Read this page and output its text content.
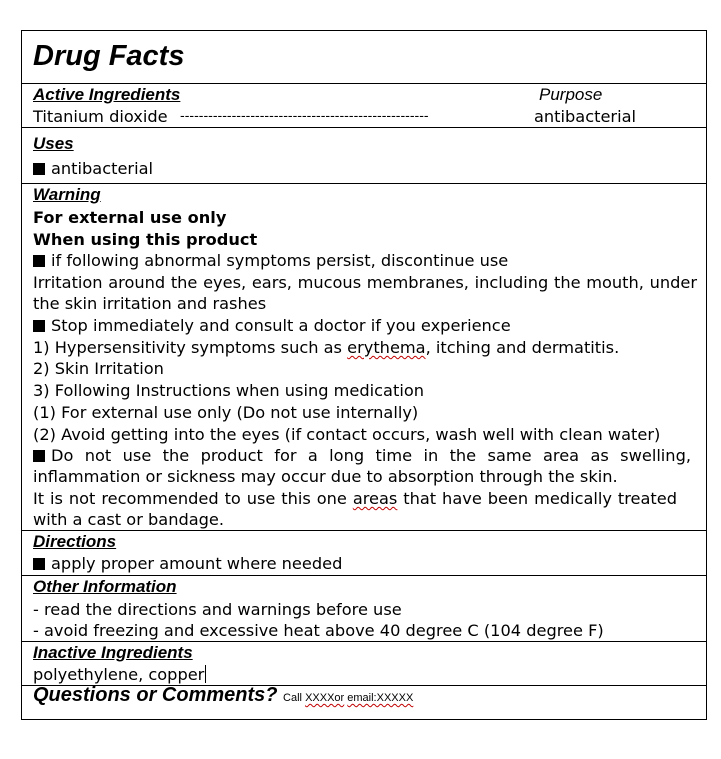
Drug Facts
Active Ingredients	Purpose
Titanium dioxide -----------------------------------------------------	antibacterial
Uses
antibacterial
Warning
For external use only
When using this product
if following abnormal symptoms persist, discontinue use
Irritation around the eyes, ears, mucous membranes, including the mouth, under the skin irritation and rashes
Stop immediately and consult a doctor if you experience
1) Hypersensitivity symptoms such as erythema, itching and dermatitis.
2) Skin Irritation
3) Following Instructions when using medication
(1) For external use only (Do not use internally)
(2) Avoid getting into the eyes (if contact occurs, wash well with clean water)
Do not use the product for a long time in the same area as swelling, inflammation or sickness may occur due to absorption through the skin.
It is not recommended to use this one areas that have been medically treated with a cast or bandage.
Directions
apply proper amount where needed
Other Information
- read the directions and warnings before use
- avoid freezing and excessive heat above 40 degree C (104 degree F)
Inactive Ingredients
polyethylene, copper
Questions or Comments? Call XXXXor email:XXXXX
